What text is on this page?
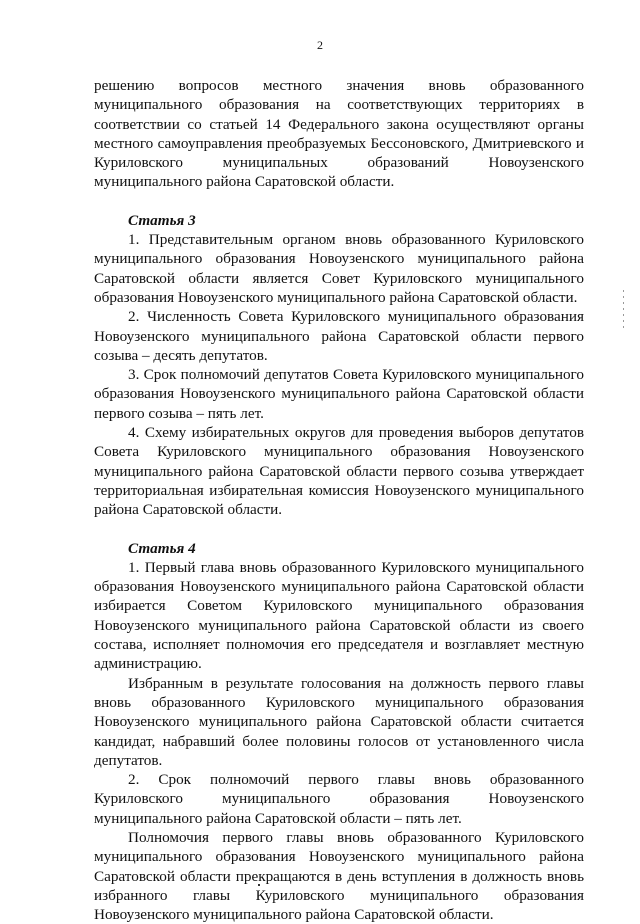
2

решению вопросов местного значения вновь образованного муниципального образования на соответствующих территориях в соответствии со статьей 14 Федерального закона осуществляют органы местного самоуправления преобразуемых Бессоновского, Дмитриевского и Куриловского муниципальных образований Новоузенского муниципального района Саратовской области.

Статья 3

1. Представительным органом вновь образованного Куриловского муниципального образования Новоузенского муниципального района Саратовской области является Совет Куриловского муниципального образования Новоузенского муниципального района Саратовской области.

2. Численность Совета Куриловского муниципального образования Новоузенского муниципального района Саратовской области первого созыва – десять депутатов.

3. Срок полномочий депутатов Совета Куриловского муниципального образования Новоузенского муниципального района Саратовской области первого созыва – пять лет.

4. Схему избирательных округов для проведения выборов депутатов Совета Куриловского муниципального образования Новоузенского муниципального района Саратовской области первого созыва утверждает территориальная избирательная комиссия Новоузенского муниципального района Саратовской области.

Статья 4

1. Первый глава вновь образованного Куриловского муниципального образования Новоузенского муниципального района Саратовской области избирается Советом Куриловского муниципального образования Новоузенского муниципального района Саратовской области из своего состава, исполняет полномочия его председателя и возглавляет местную администрацию.

Избранным в результате голосования на должность первого главы вновь образованного Куриловского муниципального образования Новоузенского муниципального района Саратовской области считается кандидат, набравший более половины голосов от установленного числа депутатов.

2. Срок полномочий первого главы вновь образованного Куриловского муниципального образования Новоузенского муниципального района Саратовской области – пять лет.

Полномочия первого главы вновь образованного Куриловского муниципального образования Новоузенского муниципального района Саратовской области прекращаются в день вступления в должность вновь избранного главы Куриловского муниципального образования Новоузенского муниципального района Саратовской области.
